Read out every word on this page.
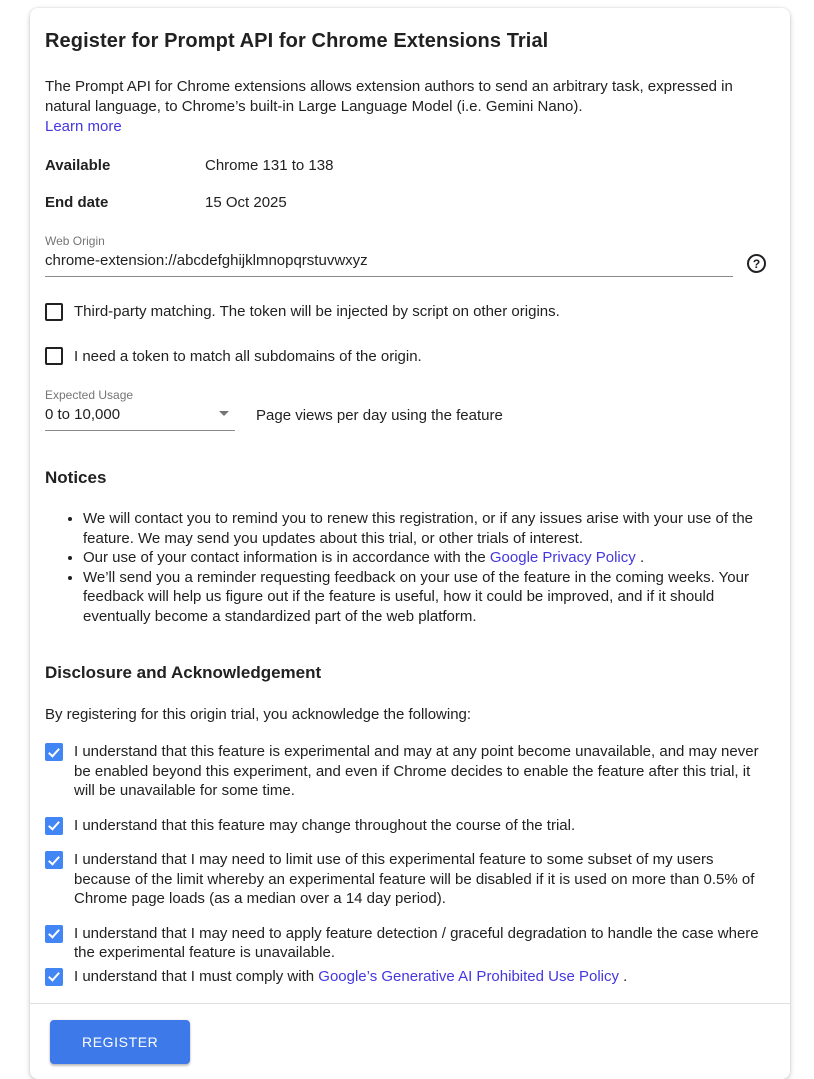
Register for Prompt API for Chrome Extensions Trial

The Prompt API for Chrome extensions allows extension authors to send an arbitrary task, expressed in natural language, to Chrome’s built-in Large Language Model (i.e. Gemini Nano).

Learn more
Available	Chrome 131 to 138
End date	15 Oct 2025
Web Origin
chrome-extension://abcdefghijklmnopqrstuvwxyz	?
Third-party matching. The token will be injected by script on other origins.
I need a token to match all subdomains of the origin.
Expected Usage
0 to 10,000	Page views per day using the feature
Notices
• We will contact you to remind you to renew this registration, or if any issues arise with your use of the feature. We may send you updates about this trial, or other trials of interest.
• Our use of your contact information is in accordance with the Google Privacy Policy .
• We’ll send you a reminder requesting feedback on your use of the feature in the coming weeks. Your feedback will help us figure out if the feature is useful, how it could be improved, and if it should eventually become a standardized part of the web platform.
Disclosure and Acknowledgement

By registering for this origin trial, you acknowledge the following:

I understand that this feature is experimental and may at any point become unavailable, and may never be enabled beyond this experiment, and even if Chrome decides to enable the feature after this trial, it will be unavailable for some time.
I understand that this feature may change throughout the course of the trial.
I understand that I may need to limit use of this experimental feature to some subset of my users because of the limit whereby an experimental feature will be disabled if it is used on more than 0.5% of Chrome page loads (as a median over a 14 day period).
I understand that I may need to apply feature detection / graceful degradation to handle the case where the experimental feature is unavailable.
I understand that I must comply with Google’s Generative AI Prohibited Use Policy .
REGISTER
